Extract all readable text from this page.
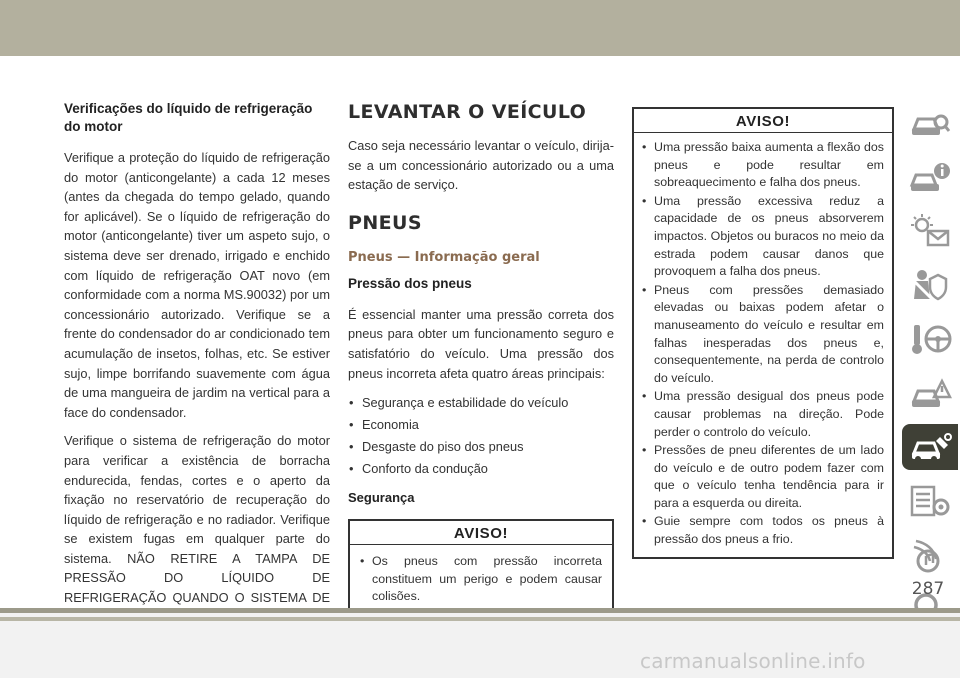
Verificações do líquido de refrigeração do motor

Verifique a proteção do líquido de refrigeração do motor (anticongelante) a cada 12 meses (antes da chegada do tempo gelado, quando for aplicável). Se o líquido de refrigeração do motor (anticongelante) tiver um aspeto sujo, o sistema deve ser drenado, irrigado e enchido com líquido de refrigeração OAT novo (em conformidade com a norma MS.90032) por um concessionário autorizado. Verifique se a frente do condensador do ar condicionado tem acumulação de insetos, folhas, etc. Se estiver sujo, limpe borrifando suavemente com água de uma mangueira de jardim na vertical para a face do condensador.

Verifique o sistema de refrigeração do motor para verificar a existência de borracha endurecida, fendas, cortes e o aperto da fixação no reservatório de recuperação do líquido de refrigeração e no radiador. Verifique se existem fugas em qualquer parte do sistema. NÃO RETIRE A TAMPA DE PRESSÃO DO LÍQUIDO DE REFRIGERAÇÃO QUANDO O SISTEMA DE

LEVANTAR O VEÍCULO

Caso seja necessário levantar o veículo, dirija-se a um concessionário autorizado ou a uma estação de serviço.

PNEUS
Pneus — Informação geral
Pressão dos pneus

É essencial manter uma pressão correta dos pneus para obter um funcionamento seguro e satisfatório do veículo. Uma pressão dos pneus incorreta afeta quatro áreas principais:

• Segurança e estabilidade do veículo
• Economia
• Desgaste do piso dos pneus
• Conforto da condução
Segurança
AVISO!
• Os pneus com pressão incorreta constituem um perigo e podem causar colisões.
AVISO!
• Uma pressão baixa aumenta a flexão dos pneus e pode resultar em sobreaquecimento e falha dos pneus.
• Uma pressão excessiva reduz a capacidade de os pneus absorverem impactos. Objetos ou buracos no meio da estrada podem causar danos que provoquem a falha dos pneus.
• Pneus com pressões demasiado elevadas ou baixas podem afetar o manuseamento do veículo e resultar em falhas inesperadas dos pneus e, consequentemente, na perda de controlo do veículo.
• Uma pressão desigual dos pneus pode causar problemas na direção. Pode perder o controlo do veículo.
• Pressões de pneu diferentes de um lado do veículo e de outro podem fazer com que o veículo tenha tendência para ir para a esquerda ou direita.
• Guie sempre com todos os pneus à pressão dos pneus a frio.
287
carmanualsonline.info
